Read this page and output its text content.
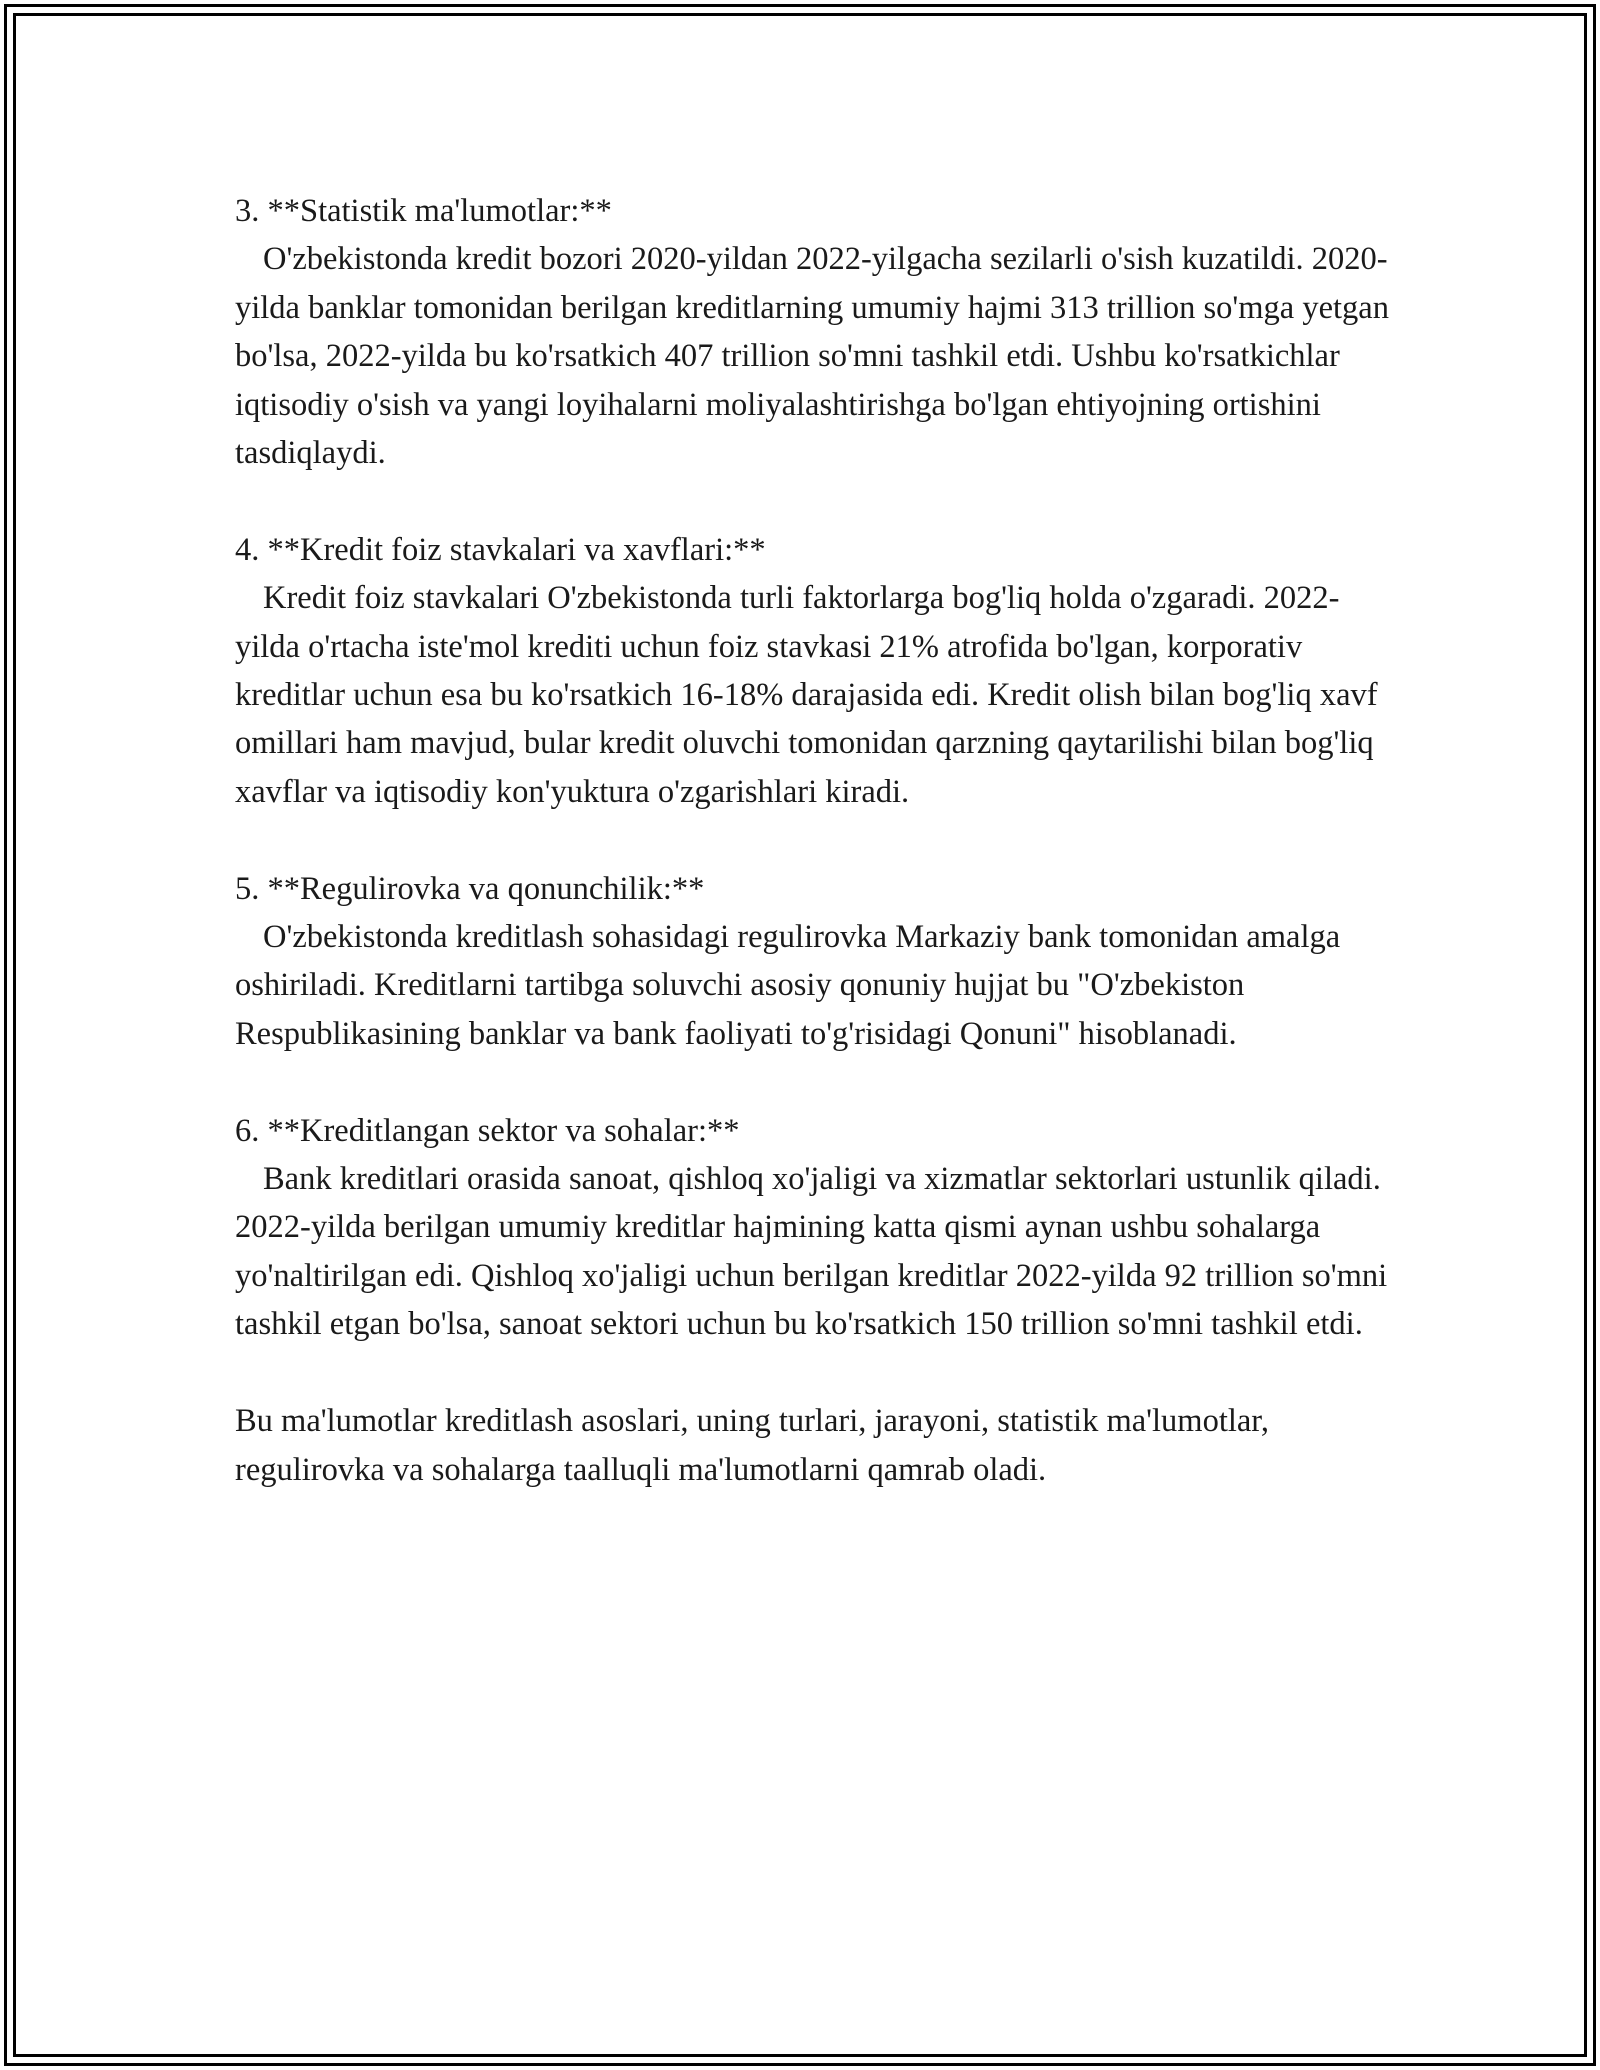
3. **Statistik ma'lumotlar:**
O'zbekistonda kredit bozori 2020-yildan 2022-yilgacha sezilarli o'sish kuzatildi. 2020-yilda banklar tomonidan berilgan kreditlarning umumiy hajmi 313 trillion so'mga yetgan bo'lsa, 2022-yilda bu ko'rsatkich 407 trillion so'mni tashkil etdi. Ushbu ko'rsatkichlar iqtisodiy o'sish va yangi loyihalarni moliyalashtirishga bo'lgan ehtiyojning ortishini tasdiqlaydi.
4. **Kredit foiz stavkalari va xavflari:**
Kredit foiz stavkalari O'zbekistonda turli faktorlarga bog'liq holda o'zgaradi. 2022-yilda o'rtacha iste'mol krediti uchun foiz stavkasi 21% atrofida bo'lgan, korporativ kreditlar uchun esa bu ko'rsatkich 16-18% darajasida edi. Kredit olish bilan bog'liq xavf omillari ham mavjud, bular kredit oluvchi tomonidan qarzning qaytarilishi bilan bog'liq xavflar va iqtisodiy kon'yuktura o'zgarishlari kiradi.
5. **Regulirovka va qonunchilik:**
O'zbekistonda kreditlash sohasidagi regulirovka Markaziy bank tomonidan amalga oshiriladi. Kreditlarni tartibga soluvchi asosiy qonuniy hujjat bu "O'zbekiston Respublikasining banklar va bank faoliyati to'g'risidagi Qonuni" hisoblanadi.
6. **Kreditlangan sektor va sohalar:**
Bank kreditlari orasida sanoat, qishloq xo'jaligi va xizmatlar sektorlari ustunlik qiladi. 2022-yilda berilgan umumiy kreditlar hajmining katta qismi aynan ushbu sohalarga yo'naltirilgan edi. Qishloq xo'jaligi uchun berilgan kreditlar 2022-yilda 92 trillion so'mni tashkil etgan bo'lsa, sanoat sektori uchun bu ko'rsatkich 150 trillion so'mni tashkil etdi.
Bu ma'lumotlar kreditlash asoslari, uning turlari, jarayoni, statistik ma'lumotlar, regulirovka va sohalarga taalluqli ma'lumotlarni qamrab oladi.
